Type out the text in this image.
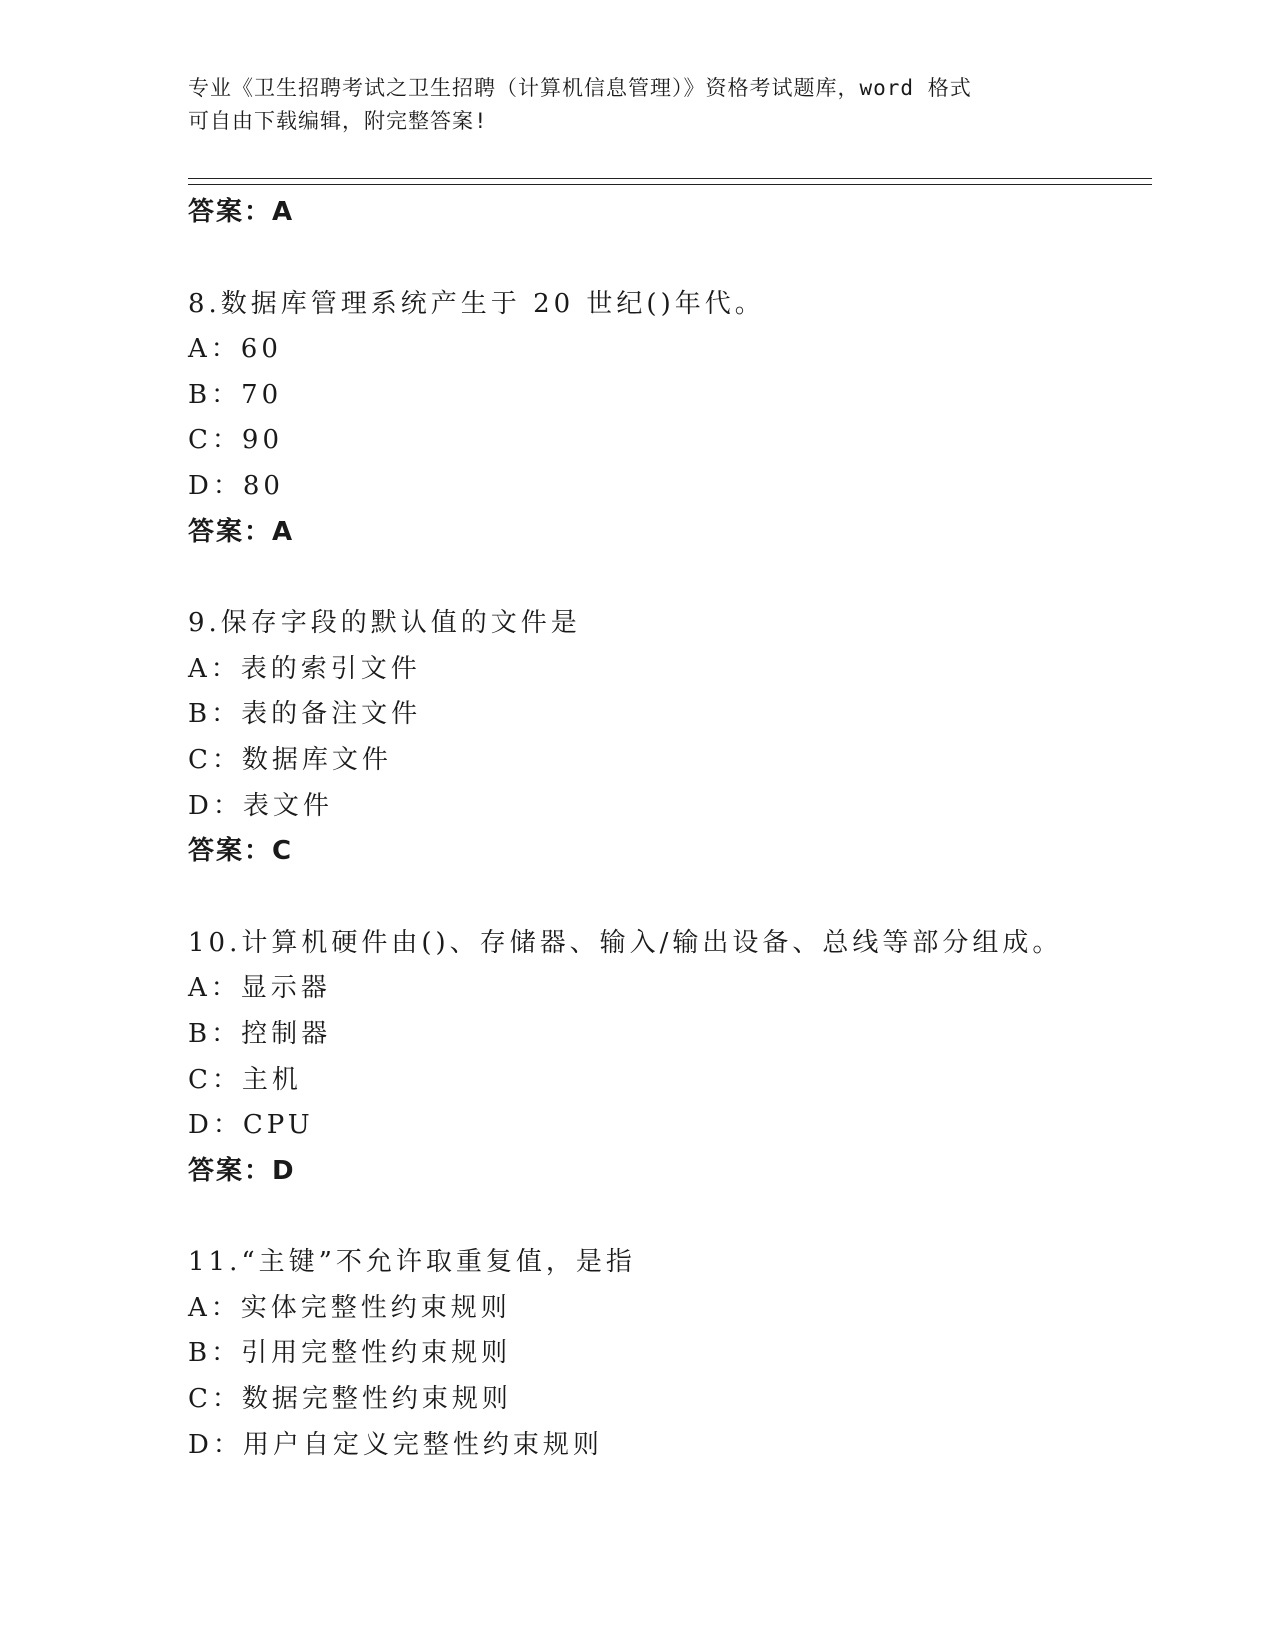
专业《卫生招聘考试之卫生招聘（计算机信息管理）》资格考试题库，word 格式
可自由下载编辑，附完整答案!
答案：A
8.数据库管理系统产生于 20 世纪()年代。
A：60
B：70
C：90
D：80
答案：A
9.保存字段的默认值的文件是
A：表的索引文件
B：表的备注文件
C：数据库文件
D：表文件
答案：C
10.计算机硬件由()、存储器、输入/输出设备、总线等部分组成。
A：显示器
B：控制器
C：主机
D：CPU
答案：D
11.“主键”不允许取重复值，是指
A：实体完整性约束规则
B：引用完整性约束规则
C：数据完整性约束规则
D：用户自定义完整性约束规则
